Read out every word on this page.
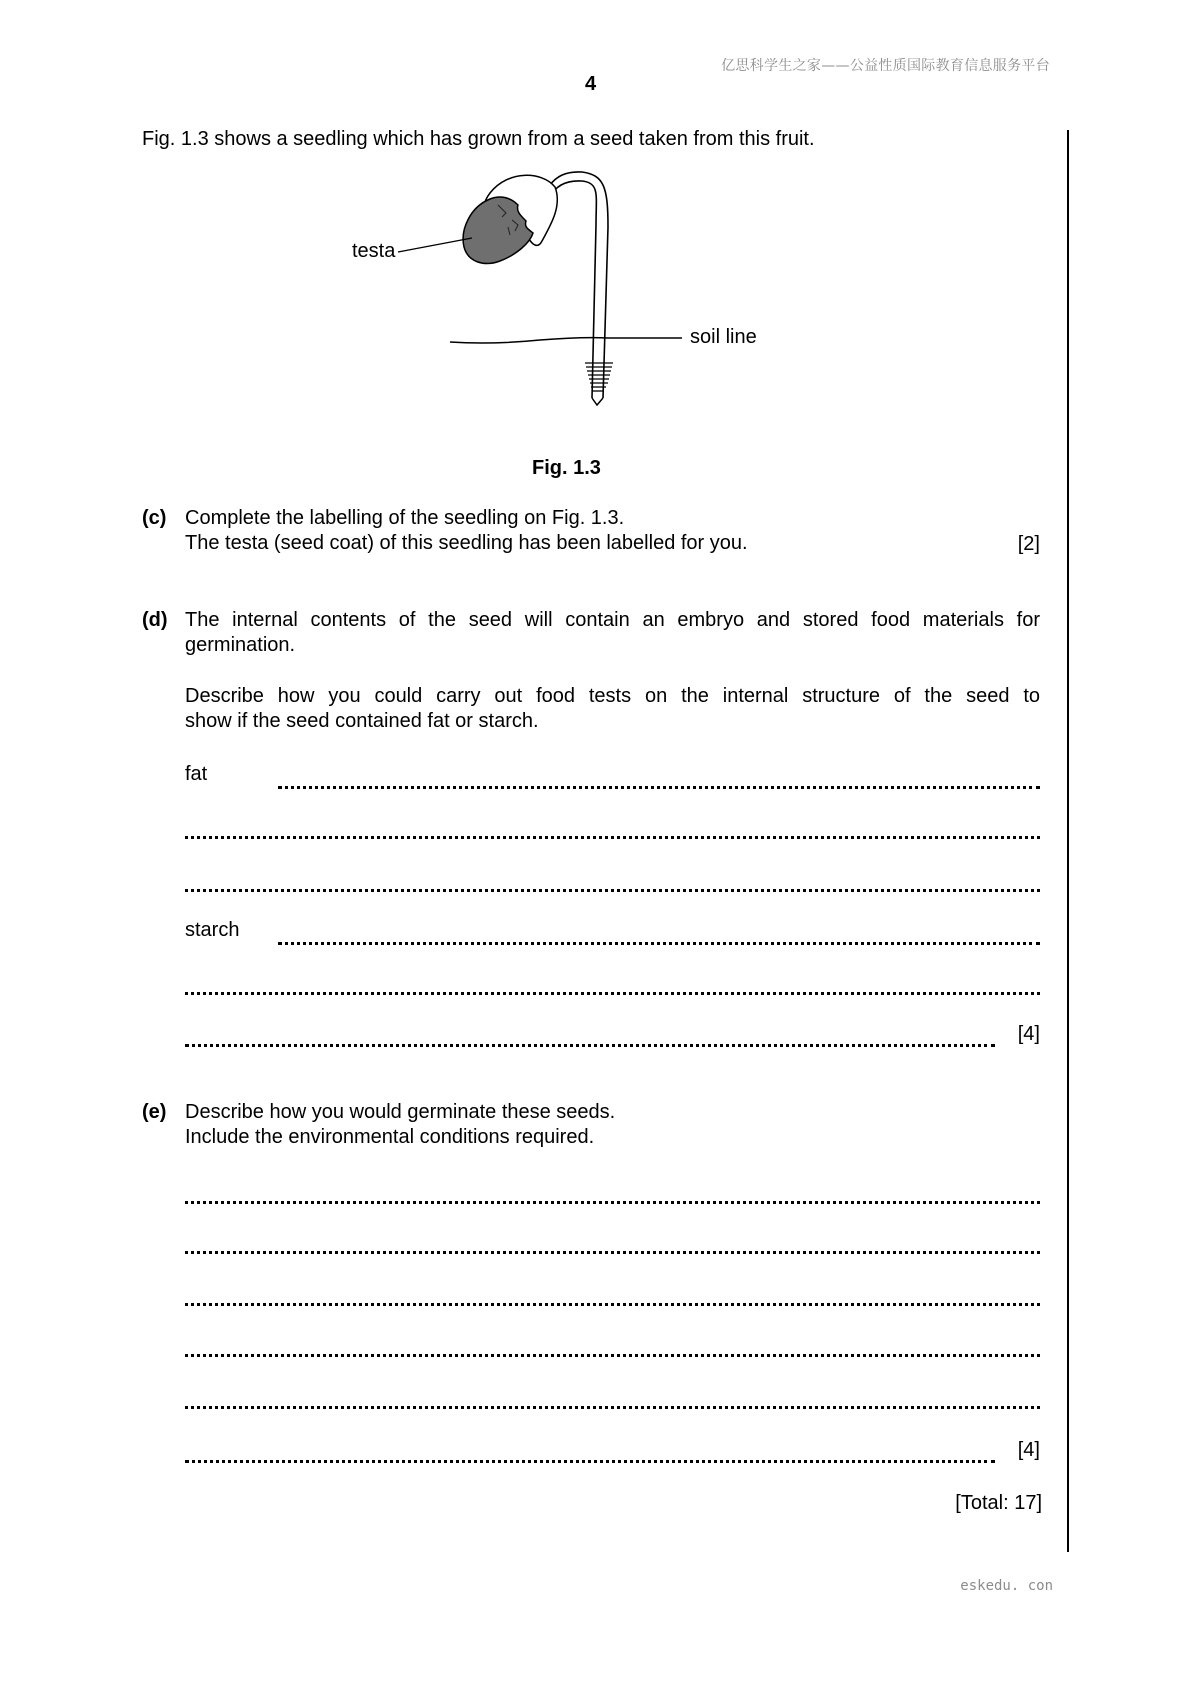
亿思科学生之家——公益性质国际教育信息服务平台
4
Fig. 1.3 shows a seedling which has grown from a seed taken from this fruit.
testa
soil line
Fig. 1.3
(c) Complete the labelling of the seedling on Fig. 1.3.
The testa (seed coat) of this seedling has been labelled for you.	[2]
(d) The internal contents of the seed will contain an embryo and stored food materials for
germination.
Describe how you could carry out food tests on the internal structure of the seed to
show if the seed contained fat or starch.
fat
starch
[4]
(e) Describe how you would germinate these seeds.
Include the environmental conditions required.
[4]
[Total: 17]
eskedu. con
